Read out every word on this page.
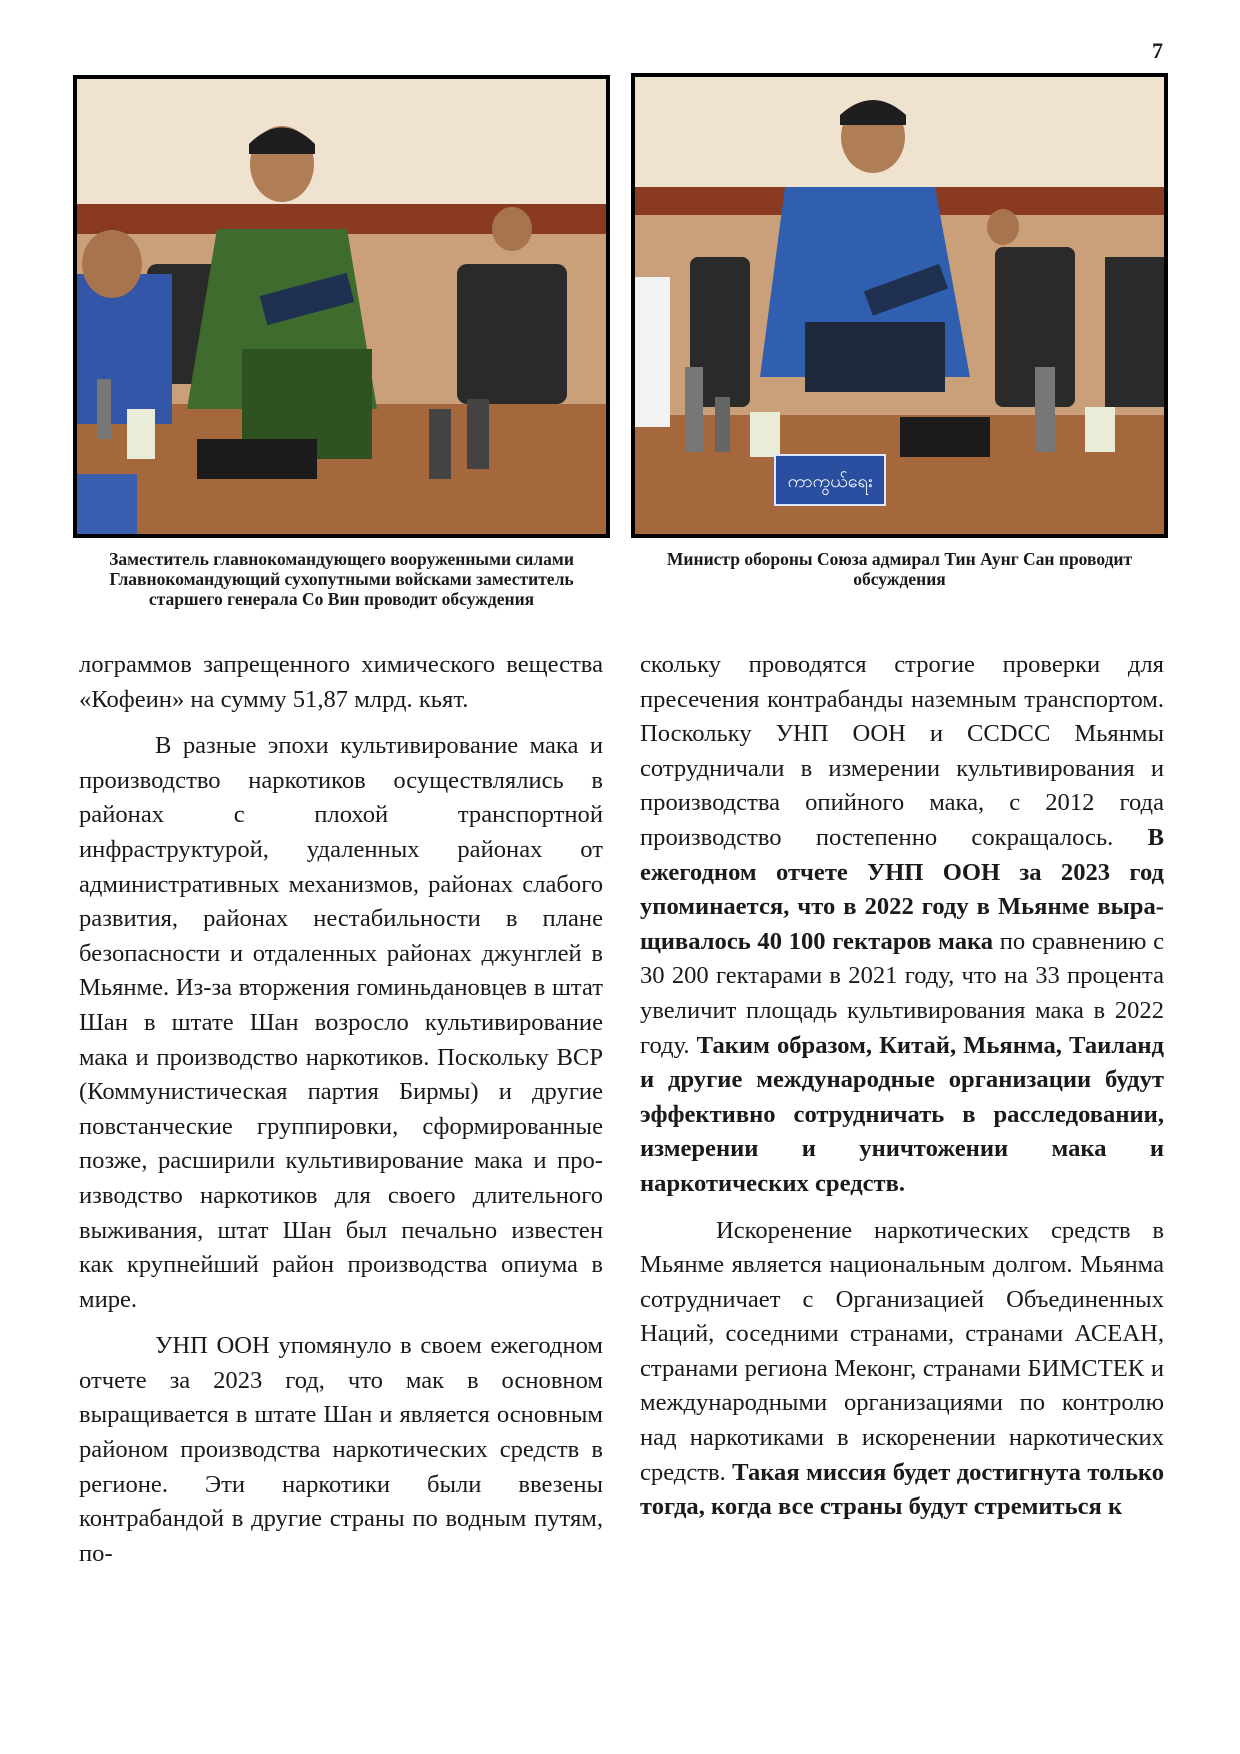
7
ကာကွယ်ရေး
Заместитель главнокомандующего вооруженными силами Главнокомандующий сухопутными войсками заместитель старшего генерала Со Вин проводит обсуждения
Министр обороны Союза адмирал Тин Аунг Сан проводит обсуждения

лограммов запрещенного химического вещества «Кофеин» на сумму 51,87 млрд. кьят.

В разные эпохи культивирование мака и производство наркотиков осуществлялись в районах с плохой транспортной инфраструктурой, удаленных районах от административных механизмов, районах слабого развития, районах нестабильности в плане безопасности и отдаленных районах джунглей в Мьянме. Из-за вторжения гоминьдановцев в штат Шан в штате Шан возросло культивирование мака и производство наркотиков. Поскольку BCP (Коммунистическая партия Бирмы) и другие повстанческие группировки, сформированные позже, расширили культивирование мака и производство наркотиков для своего длительного выживания, штат Шан был печально известен как крупнейший район производства опиума в мире.

УНП ООН упомянуло в своем ежегодном отчете за 2023 год, что мак в основном выращивается в штате Шан и является основным районом производства наркотических средств в регионе. Эти наркотики были ввезены контрабандой в другие страны по водным путям, по-

скольку проводятся строгие проверки для пресечения контрабанды наземным транспортом. Поскольку УНП ООН и CCDCC Мьянмы сотрудничали в измерении культивирования и производства опийного мака, с 2012 года производство постепенно сокращалось. В ежегодном отчете УНП ООН за 2023 год упоминается, что в 2022 году в Мьянме выращивалось 40 100 гектаров мака по сравнению с 30 200 гектарами в 2021 году, что на 33 процента увеличит площадь культивирования мака в 2022 году. Таким образом, Китай, Мьянма, Таиланд и другие международные организации будут эффективно сотрудничать в расследовании, измерении и уничтожении мака и наркотических средств.

Искоренение наркотических средств в Мьянме является национальным долгом. Мьянма сотрудничает с Организацией Объединенных Наций, соседними странами, странами АСЕАН, странами региона Меконг, странами БИМСТЕК и международными организациями по контролю над наркотиками в искоренении наркотических средств. Такая миссия будет достигнута только тогда, когда все страны будут стремиться к
